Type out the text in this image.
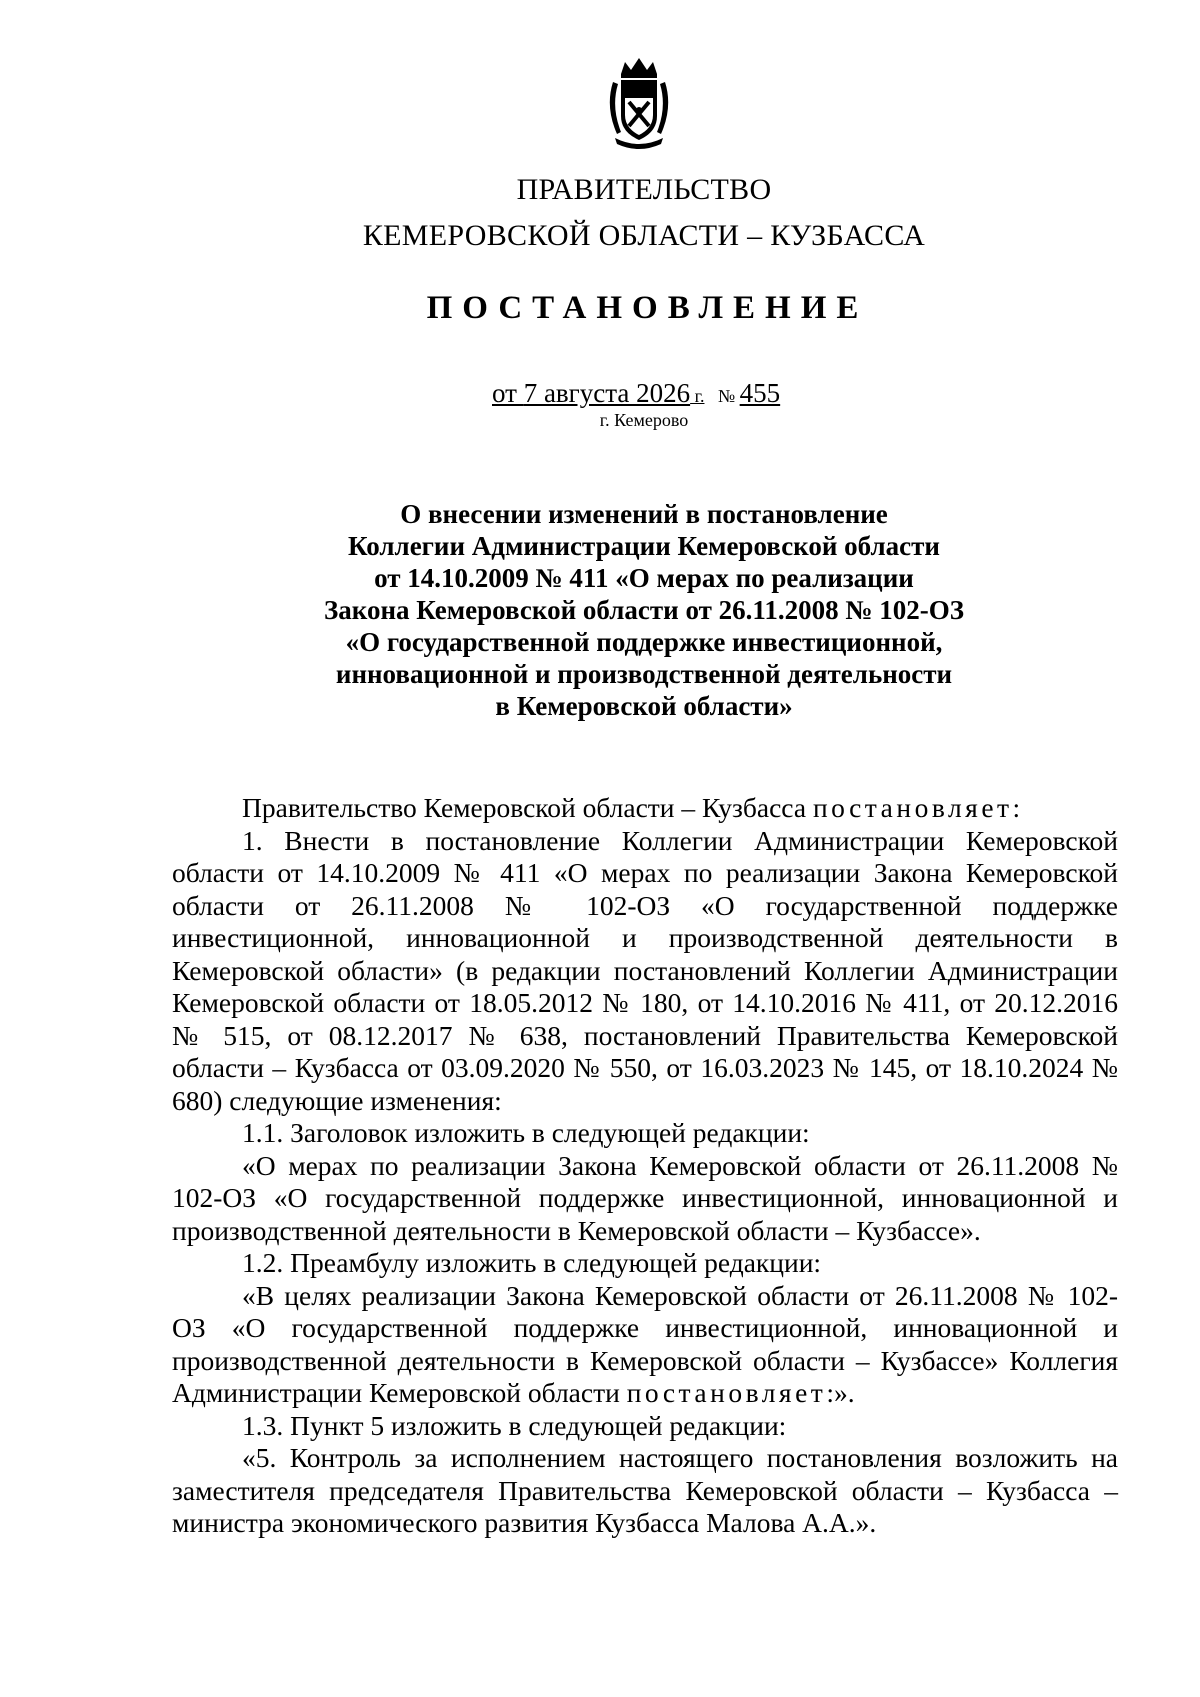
ПРАВИТЕЛЬСТВО
КЕМЕРОВСКОЙ ОБЛАСТИ – КУЗБАССА
ПОСТАНОВЛЕНИЕ
от 7 августа 2026 г. № 455
г. Кемерово
О внесении изменений в постановление
Коллегии Администрации Кемеровской области
от 14.10.2009 № 411 «О мерах по реализации
Закона Кемеровской области от 26.11.2008 № 102-ОЗ
«О государственной поддержке инвестиционной,
инновационной и производственной деятельности
в Кемеровской области»

Правительство Кемеровской области – Кузбасса постановляет:

1. Внести в постановление Коллегии Администрации Кемеровской области от 14.10.2009 № 411 «О мерах по реализации Закона Кемеровской области от 26.11.2008 № 102-ОЗ «О государственной поддержке инвестиционной, инновационной и производственной деятельности в Кемеровской области» (в редакции постановлений Коллегии Администрации Кемеровской области от 18.05.2012 № 180, от 14.10.2016 № 411, от 20.12.2016 № 515, от 08.12.2017 № 638, постановлений Правительства Кемеровской области – Кузбасса от 03.09.2020 № 550, от 16.03.2023 № 145, от 18.10.2024 № 680) следующие изменения:

1.1. Заголовок изложить в следующей редакции:

«О мерах по реализации Закона Кемеровской области от 26.11.2008 № 102-ОЗ «О государственной поддержке инвестиционной, инновационной и производственной деятельности в Кемеровской области – Кузбассе».

1.2. Преамбулу изложить в следующей редакции:

«В целях реализации Закона Кемеровской области от 26.11.2008 № 102-ОЗ «О государственной поддержке инвестиционной, инновационной и производственной деятельности в Кемеровской области – Кузбассе» Коллегия Администрации Кемеровской области постановляет:».

1.3. Пункт 5 изложить в следующей редакции:

«5. Контроль за исполнением настоящего постановления возложить на заместителя председателя Правительства Кемеровской области – Кузбасса – министра экономического развития Кузбасса Малова А.А.».
